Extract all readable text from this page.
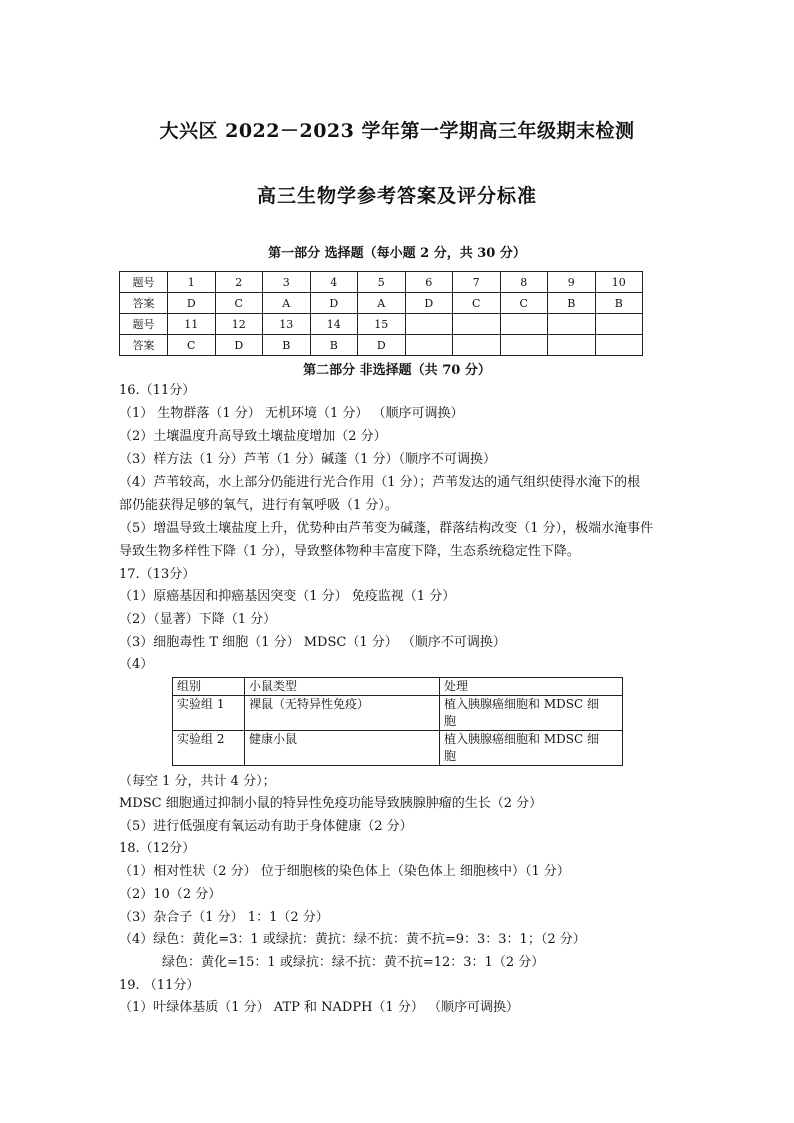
大兴区 2022－2023 学年第一学期高三年级期末检测
高三生物学参考答案及评分标准
第一部分 选择题（每小题 2 分，共 30 分）
题号	1	2	3	4	5	6	7	8	9	10
答案	D	C	A	D	A	D	C	C	B	B
题号	11	12	13	14	15					
答案	C	D	B	B	D					
第二部分 非选择题（共 70 分）
16.（11分）
（1） 生物群落（1 分） 无机环境（1 分） （顺序可调换）
（2）土壤温度升高导致土壤盐度增加（2 分）
（3）样方法（1 分）芦苇（1 分）碱蓬（1 分）（顺序不可调换）
（4）芦苇较高，水上部分仍能进行光合作用（1 分）；芦苇发达的通气组织使得水淹下的根
部仍能获得足够的氧气，进行有氧呼吸（1 分）。
（5）增温导致土壤盐度上升，优势种由芦苇变为碱蓬，群落结构改变（1 分），极端水淹事件
导致生物多样性下降（1 分），导致整体物种丰富度下降，生态系统稳定性下降。
17.（13分）
（1）原癌基因和抑癌基因突变（1 分） 免疫监视（1 分）
（2）（显著）下降（1 分）
（3）细胞毒性 T 细胞（1 分） MDSC（1 分） （顺序不可调换）
（4）
组别	小鼠类型	处理
实验组 1	裸鼠（无特异性免疫）	植入胰腺癌细胞和 MDSC 细
胞

实验组 2	健康小鼠	植入胰腺癌细胞和 MDSC 细
胞
（每空 1 分，共计 4 分）；
MDSC 细胞通过抑制小鼠的特异性免疫功能导致胰腺肿瘤的生长（2 分）
（5）进行低强度有氧运动有助于身体健康（2 分）
18.（12分）
（1）相对性状（2 分） 位于细胞核的染色体上（染色体上 细胞核中）（1 分）
（2）10（2 分）
（3）杂合子（1 分） 1：1（2 分）
（4）绿色：黄化=3：1 或绿抗：黄抗：绿不抗：黄不抗=9：3：3：1；（2 分）
绿色：黄化=15：1 或绿抗：绿不抗：黄不抗=12：3：1（2 分）
19. （11分）
（1）叶绿体基质（1 分） ATP 和 NADPH（1 分） （顺序可调换）
